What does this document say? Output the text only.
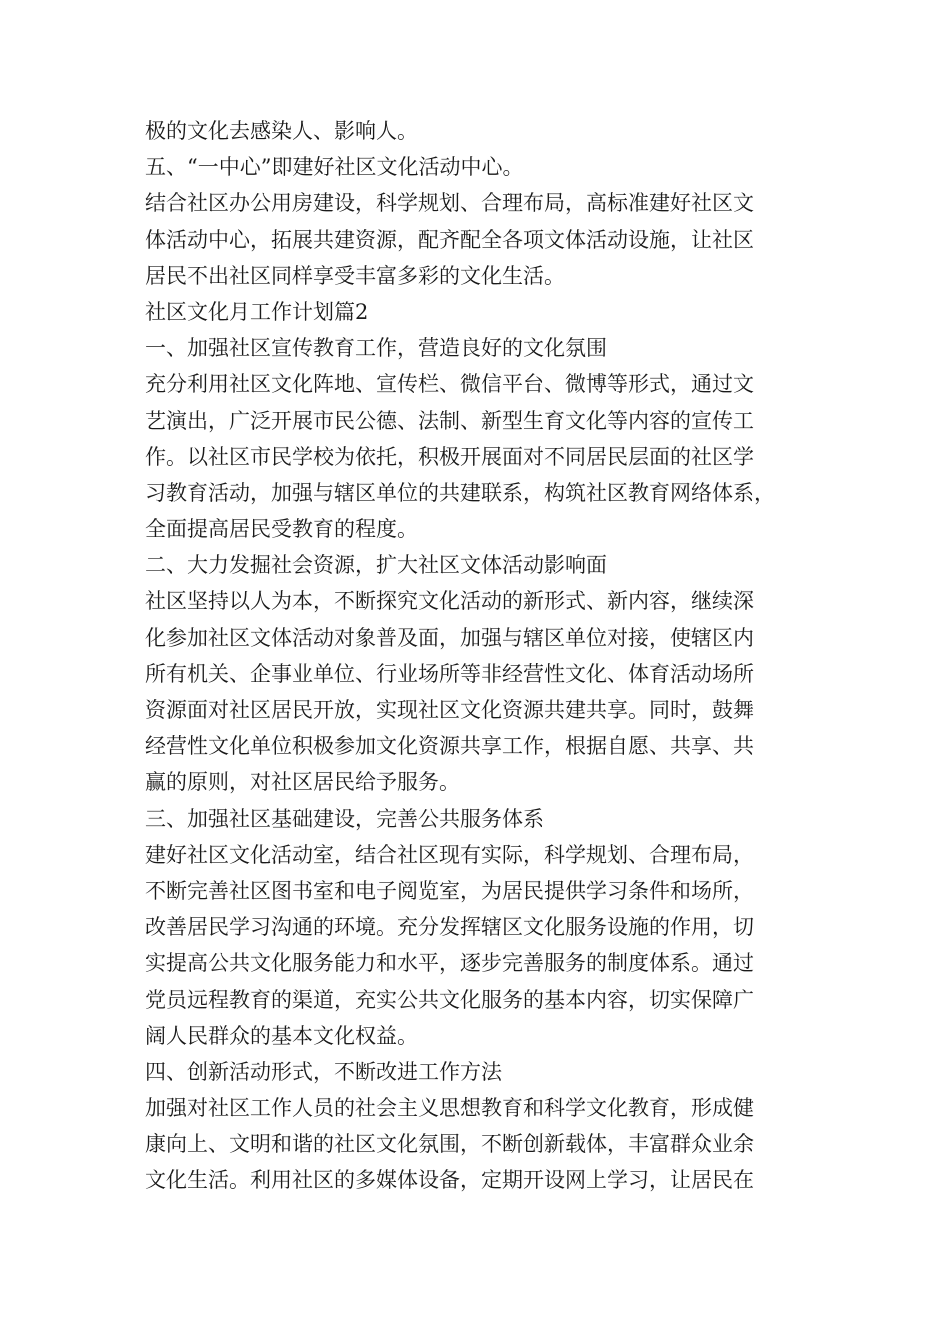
极的文化去感染人、影响人。
五、“一中心”即建好社区文化活动中心。
结合社区办公用房建设，科学规划、合理布局，高标准建好社区文
体活动中心，拓展共建资源，配齐配全各项文体活动设施，让社区
居民不出社区同样享受丰富多彩的文化生活。
社区文化月工作计划篇2
一、加强社区宣传教育工作，营造良好的文化氛围
充分利用社区文化阵地、宣传栏、微信平台、微博等形式，通过文
艺演出，广泛开展市民公德、法制、新型生育文化等内容的宣传工
作。以社区市民学校为依托，积极开展面对不同居民层面的社区学
习教育活动，加强与辖区单位的共建联系，构筑社区教育网络体系，
全面提高居民受教育的程度。
二、大力发掘社会资源，扩大社区文体活动影响面
社区坚持以人为本，不断探究文化活动的新形式、新内容，继续深
化参加社区文体活动对象普及面，加强与辖区单位对接，使辖区内
所有机关、企事业单位、行业场所等非经营性文化、体育活动场所
资源面对社区居民开放，实现社区文化资源共建共享。同时，鼓舞
经营性文化单位积极参加文化资源共享工作，根据自愿、共享、共
赢的原则，对社区居民给予服务。
三、加强社区基础建设，完善公共服务体系
建好社区文化活动室，结合社区现有实际，科学规划、合理布局，
不断完善社区图书室和电子阅览室，为居民提供学习条件和场所，
改善居民学习沟通的环境。充分发挥辖区文化服务设施的作用，切
实提高公共文化服务能力和水平，逐步完善服务的制度体系。通过
党员远程教育的渠道，充实公共文化服务的基本内容，切实保障广
阔人民群众的基本文化权益。
四、创新活动形式，不断改进工作方法
加强对社区工作人员的社会主义思想教育和科学文化教育，形成健
康向上、文明和谐的社区文化氛围，不断创新载体，丰富群众业余
文化生活。利用社区的多媒体设备，定期开设网上学习，让居民在
